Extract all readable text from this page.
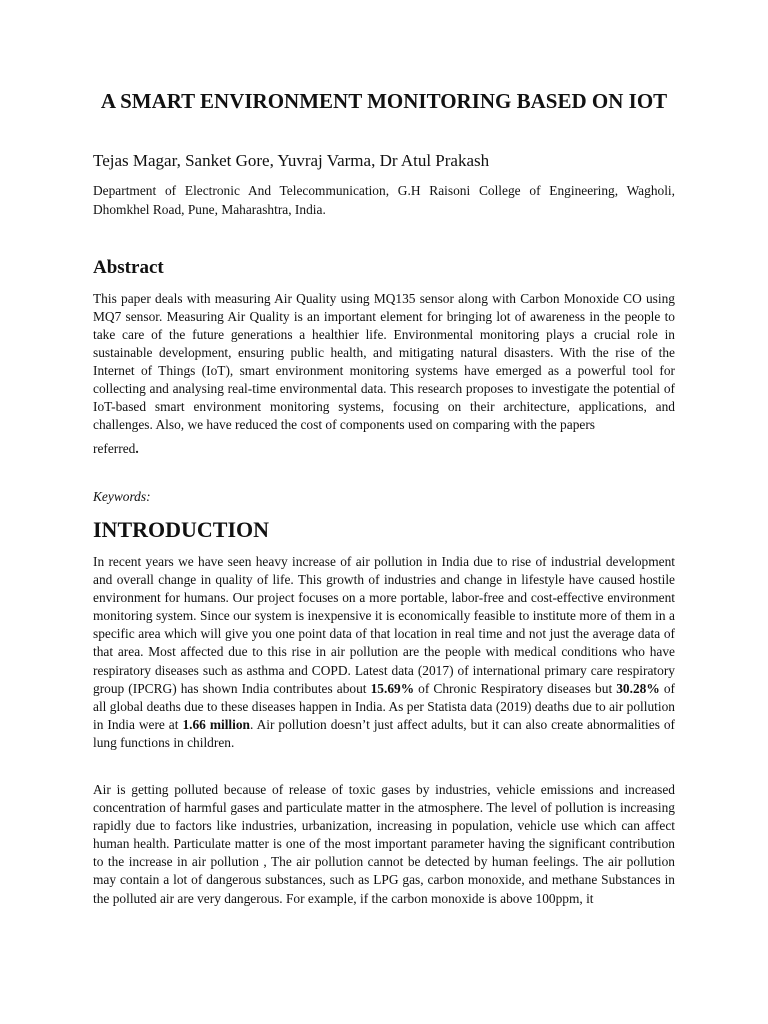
A SMART ENVIRONMENT MONITORING BASED ON IOT

Tejas Magar, Sanket Gore, Yuvraj Varma, Dr Atul Prakash

Department of Electronic And Telecommunication, G.H Raisoni College of Engineering, Wagholi, Dhomkhel Road, Pune, Maharashtra, India.

Abstract

This paper deals with measuring Air Quality using MQ135 sensor along with Carbon Monoxide CO using MQ7 sensor. Measuring Air Quality is an important element for bringing lot of awareness in the people to take care of the future generations a healthier life. Environmental monitoring plays a crucial role in sustainable development, ensuring public health, and mitigating natural disasters. With the rise of the Internet of Things (IoT), smart environment monitoring systems have emerged as a powerful tool for collecting and analysing real-time environmental data. This research proposes to investigate the potential of IoT-based smart environment monitoring systems, focusing on their architecture, applications, and challenges. Also, we have reduced the cost of components used on comparing with the papers
referred.

Keywords:

INTRODUCTION

In recent years we have seen heavy increase of air pollution in India due to rise of industrial development and overall change in quality of life. This growth of industries and change in lifestyle have caused hostile environment for humans. Our project focuses on a more portable, labor-free and cost-effective environment monitoring system. Since our system is inexpensive it is economically feasible to institute more of them in a specific area which will give you one point data of that location in real time and not just the average data of that area. Most affected due to this rise in air pollution are the people with medical conditions who have respiratory diseases such as asthma and COPD. Latest data (2017) of international primary care respiratory group (IPCRG) has shown India contributes about 15.69% of Chronic Respiratory diseases but 30.28% of all global deaths due to these diseases happen in India. As per Statista data (2019) deaths due to air pollution in India were at 1.66 million. Air pollution doesn’t just affect adults, but it can also create abnormalities of lung functions in children.

Air is getting polluted because of release of toxic gases by industries, vehicle emissions and increased concentration of harmful gases and particulate matter in the atmosphere. The level of pollution is increasing rapidly due to factors like industries, urbanization, increasing in population, vehicle use which can affect human health. Particulate matter is one of the most important parameter having the significant contribution to the increase in air pollution , The air pollution cannot be detected by human feelings. The air pollution may contain a lot of dangerous substances, such as LPG gas, carbon monoxide, and methane Substances in the polluted air are very dangerous. For example, if the carbon monoxide is above 100ppm, it
